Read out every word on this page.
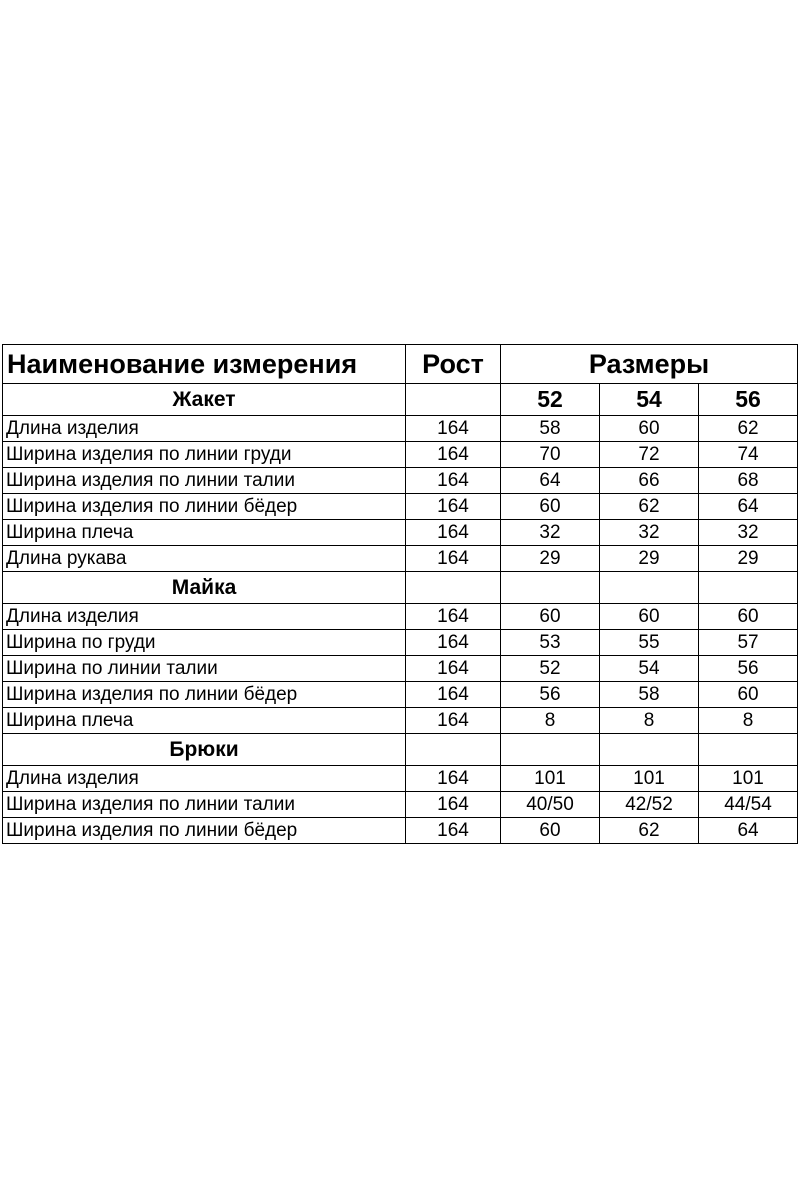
Наименование измерения	Рост	Размеры		
Жакет		52	54	56
Длина изделия	164	58	60	62
Ширина изделия по линии груди	164	70	72	74
Ширина изделия по линии талии	164	64	66	68
Ширина изделия по линии бёдер	164	60	62	64
Ширина плеча	164	32	32	32
Длина рукава	164	29	29	29
Майка				
Длина изделия	164	60	60	60
Ширина по груди	164	53	55	57
Ширина по линии талии	164	52	54	56
Ширина изделия по линии бёдер	164	56	58	60
Ширина плеча	164	8	8	8
Брюки				
Длина изделия	164	101	101	101
Ширина изделия по линии талии	164	40/50	42/52	44/54
Ширина изделия по линии бёдер	164	60	62	64
